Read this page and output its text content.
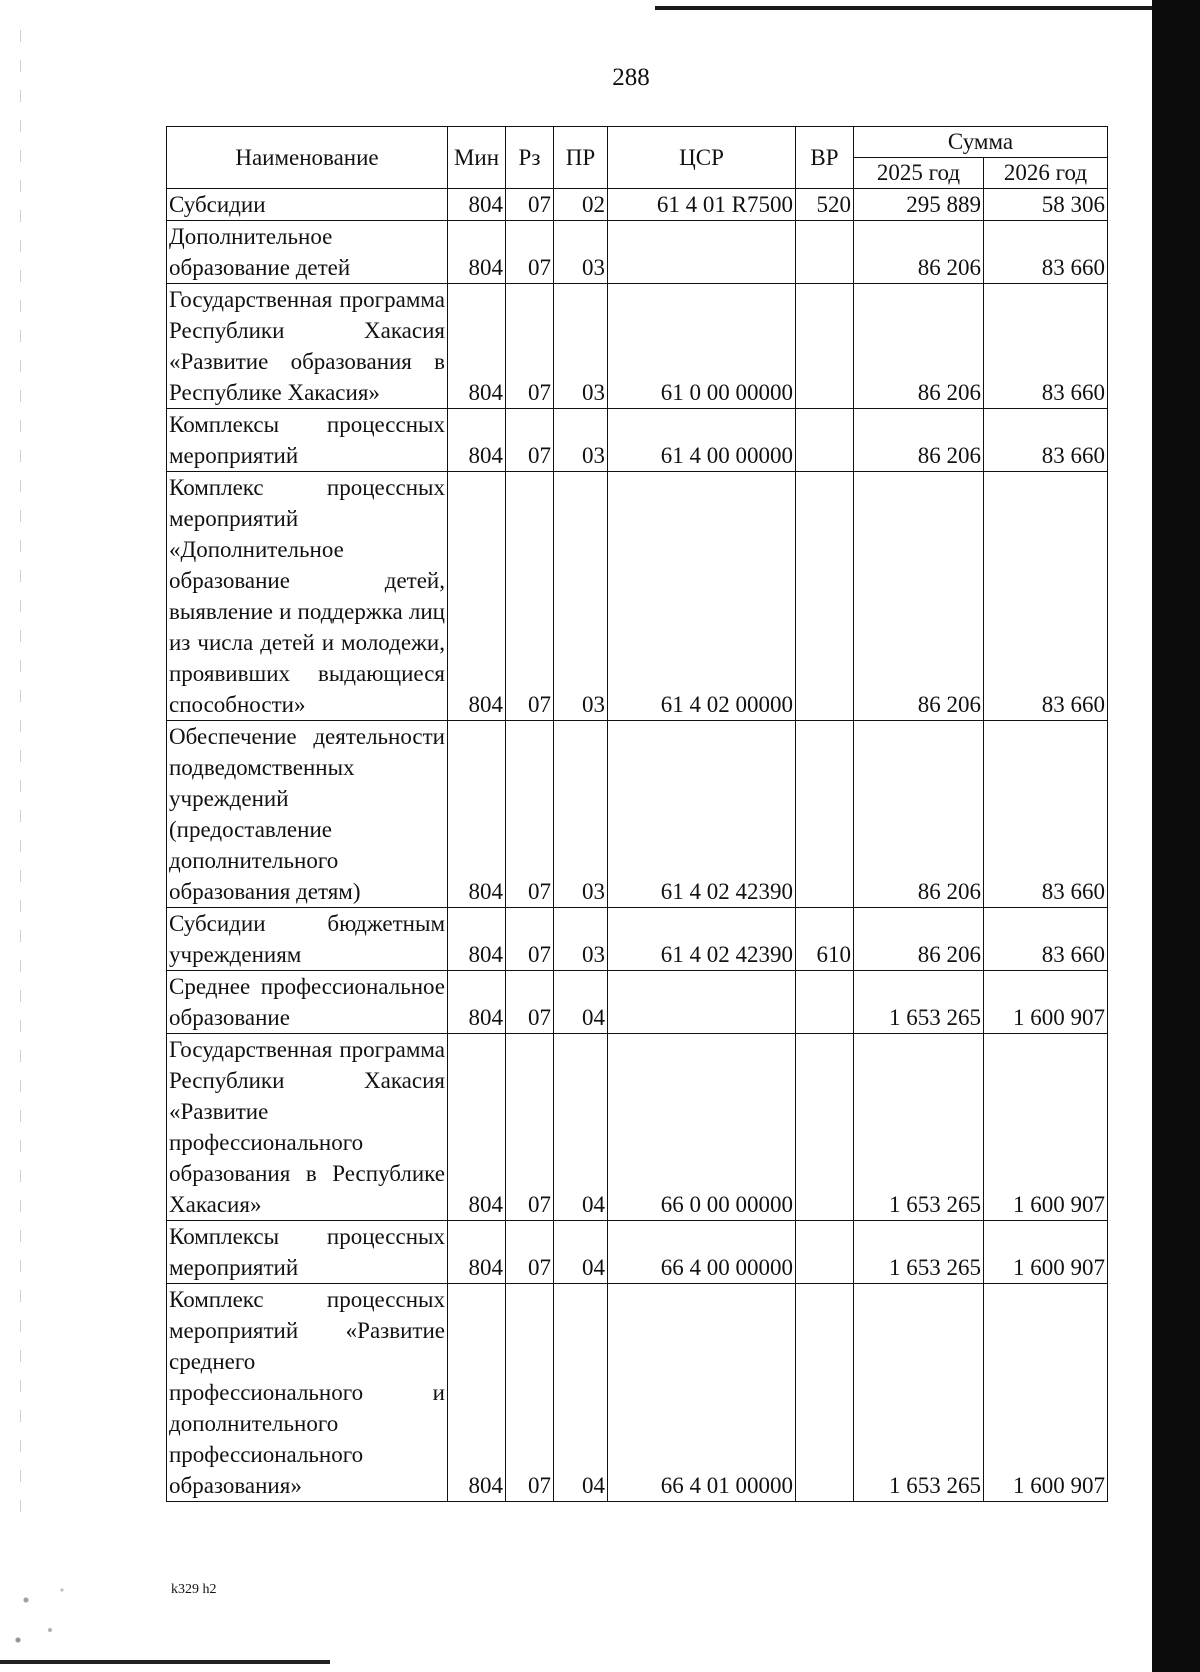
288
Наименование	Мин	Рз	ПР	ЦСР	ВР	Сумма	
						2025 год	2026 год
Субсидии	804	07	02	61 4 01 R7500	520	295 889	58 306
Дополнительное образование детей	804	07	03			86 206	83 660
Государственная программа Республики Хакасия «Развитие образования в Республике Хакасия»	804	07	03	61 0 00 00000		86 206	83 660
Комплексы процессных мероприятий	804	07	03	61 4 00 00000		86 206	83 660
Комплекс процессных мероприятий «Дополнительное образование детей, выявление и поддержка лиц из числа детей и молодежи, проявивших выдающиеся способности»	804	07	03	61 4 02 00000		86 206	83 660
Обеспечение деятельности подведомственных учреждений (предоставление дополнительного образования детям)	804	07	03	61 4 02 42390		86 206	83 660
Субсидии бюджетным учреждениям	804	07	03	61 4 02 42390	610	86 206	83 660
Среднее профессиональное образование	804	07	04			1 653 265	1 600 907
Государственная программа Республики Хакасия «Развитие профессионального образования в Республике Хакасия»	804	07	04	66 0 00 00000		1 653 265	1 600 907
Комплексы процессных мероприятий	804	07	04	66 4 00 00000		1 653 265	1 600 907
Комплекс процессных мероприятий «Развитие среднего профессионального и дополнительного профессионального образования»	804	07	04	66 4 01 00000		1 653 265	1 600 907
k329 h2
